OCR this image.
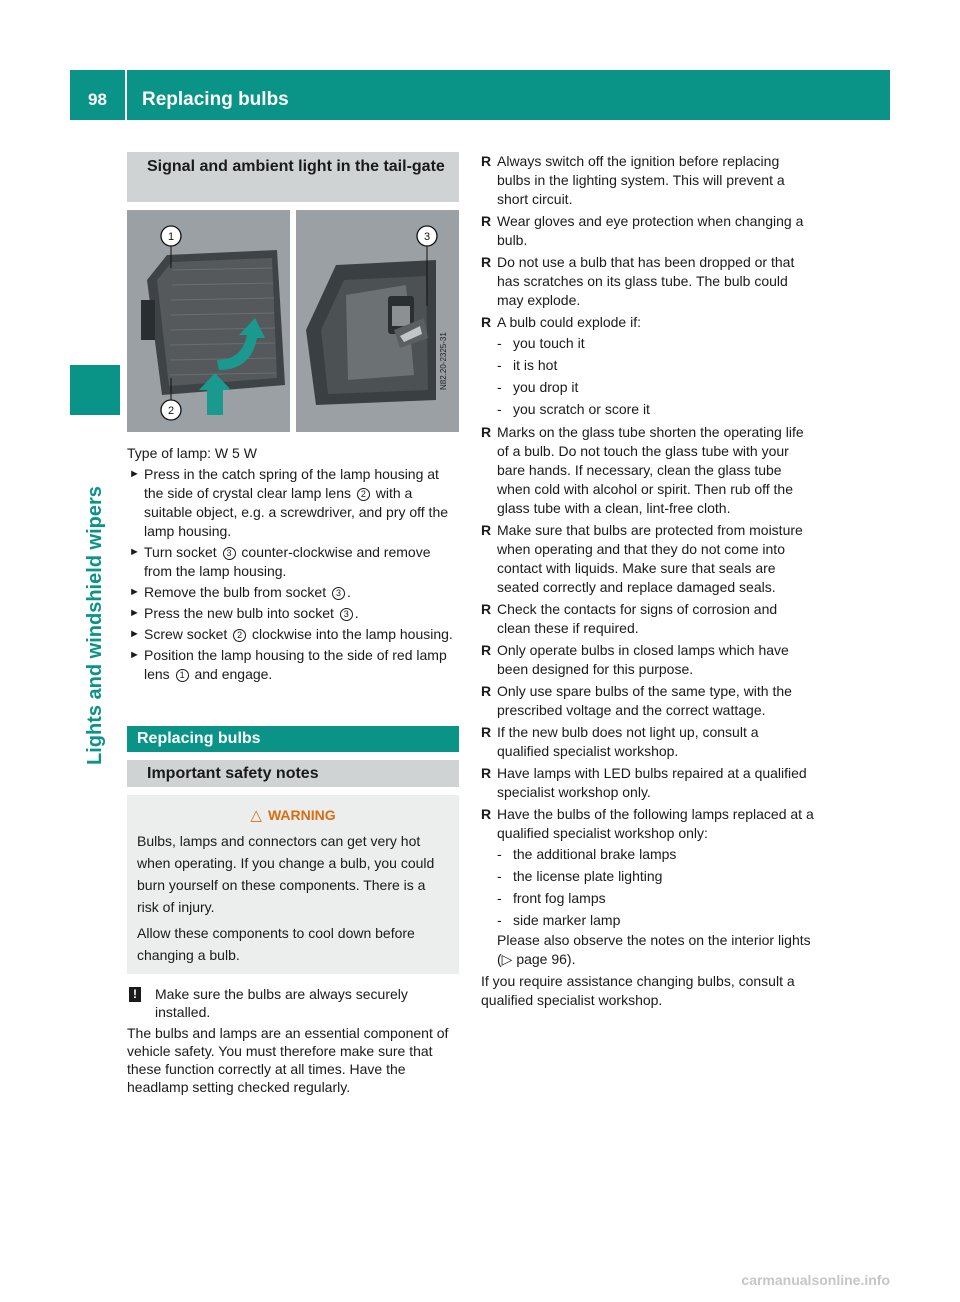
98	Replacing bulbs
Lights and windshield wipers
Signal and ambient light in the tail-gate
1
2
3
N82.20-2325-31

Type of lamp: W 5 W

► Press in the catch spring of the lamp housing at the side of crystal clear lamp lens 2 with a suitable object, e.g. a screwdriver, and pry off the lamp housing.
► Turn socket 3 counter-clockwise and remove from the lamp housing.
► Remove the bulb from socket 3 .
► Press the new bulb into socket 3 .
► Screw socket 2 clockwise into the lamp housing.
► Position the lamp housing to the side of red lamp lens 1 and engage.
Replacing bulbs
Important safety notes
△ WARNING

Bulbs, lamps and connectors can get very hot when operating. If you change a bulb, you could burn yourself on these components. There is a risk of injury.

Allow these components to cool down before changing a bulb.

! Make sure the bulbs are always securely installed.

The bulbs and lamps are an essential component of vehicle safety. You must therefore make sure that these function correctly at all times. Have the headlamp setting checked regularly.

R Always switch off the ignition before replacing bulbs in the lighting system. This will prevent a short circuit.
R Wear gloves and eye protection when changing a bulb.
R Do not use a bulb that has been dropped or that has scratches on its glass tube. The bulb could may explode.
R A bulb could explode if:
- you touch it
- it is hot
- you drop it
- you scratch or score it
R Marks on the glass tube shorten the operating life of a bulb. Do not touch the glass tube with your bare hands. If necessary, clean the glass tube when cold with alcohol or spirit. Then rub off the glass tube with a clean, lint-free cloth.
R Make sure that bulbs are protected from moisture when operating and that they do not come into contact with liquids. Make sure that seals are seated correctly and replace damaged seals.
R Check the contacts for signs of corrosion and clean these if required.
R Only operate bulbs in closed lamps which have been designed for this purpose.
R Only use spare bulbs of the same type, with the prescribed voltage and the correct wattage.
R If the new bulb does not light up, consult a qualified specialist workshop.
R Have lamps with LED bulbs repaired at a qualified specialist workshop only.
R Have the bulbs of the following lamps replaced at a qualified specialist workshop only:
- the additional brake lamps
- the license plate lighting
- front fog lamps
- side marker lamp
Please also observe the notes on the interior lights (▷ page 96).

If you require assistance changing bulbs, consult a qualified specialist workshop.

carmanualsonline.info
